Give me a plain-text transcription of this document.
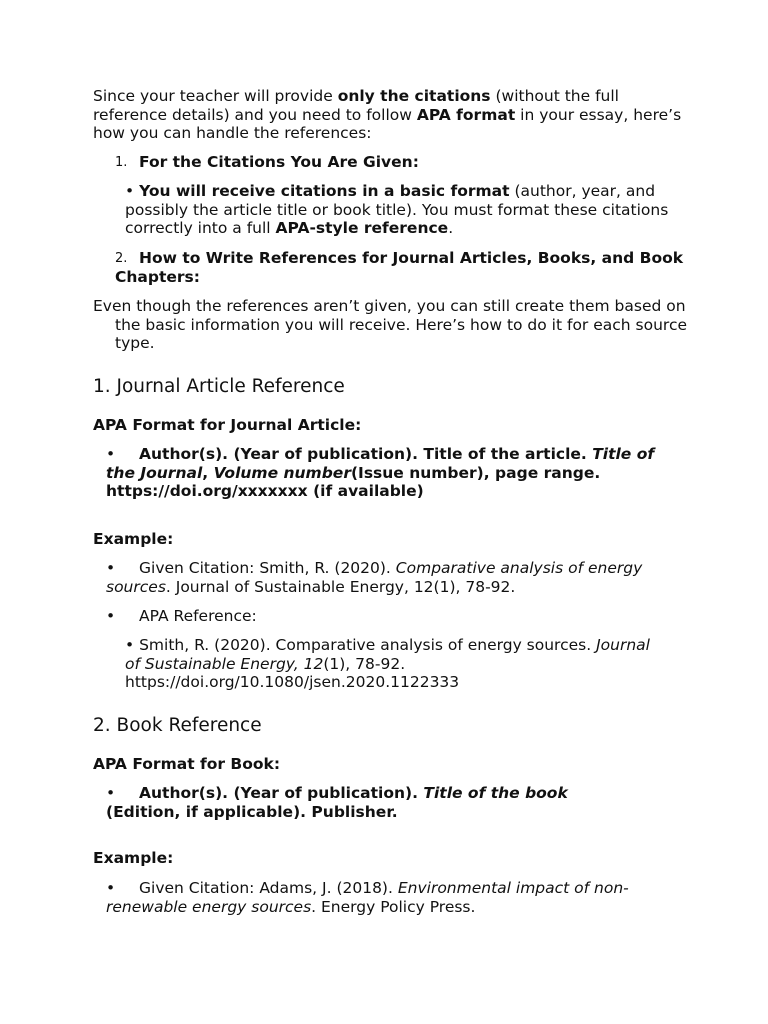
Since your teacher will provide only the citations (without the full reference details) and you need to follow APA format in your essay, here’s how you can handle the references:
1. For the Citations You Are Given:
• You will receive citations in a basic format (author, year, and possibly the article title or book title). You must format these citations correctly into a full APA-style reference.
2. How to Write References for Journal Articles, Books, and Book Chapters:
Even though the references aren’t given, you can still create them based on the basic information you will receive. Here’s how to do it for each source type.
1. Journal Article Reference
APA Format for Journal Article:
•	Author(s). (Year of publication). Title of the article. Title of the Journal, Volume number(Issue number), page range. https://doi.org/xxxxxxx (if available)
Example:
•	Given Citation: Smith, R. (2020). Comparative analysis of energy sources. Journal of Sustainable Energy, 12(1), 78-92.
• APA Reference:
• Smith, R. (2020). Comparative analysis of energy sources. Journal of Sustainable Energy, 12(1), 78-92.
https://doi.org/10.1080/jsen.2020.1122333
2. Book Reference
APA Format for Book:
•	Author(s). (Year of publication). Title of the book (Edition, if applicable). Publisher.
Example:
•	Given Citation: Adams, J. (2018). Environmental impact of non-renewable energy sources. Energy Policy Press.
